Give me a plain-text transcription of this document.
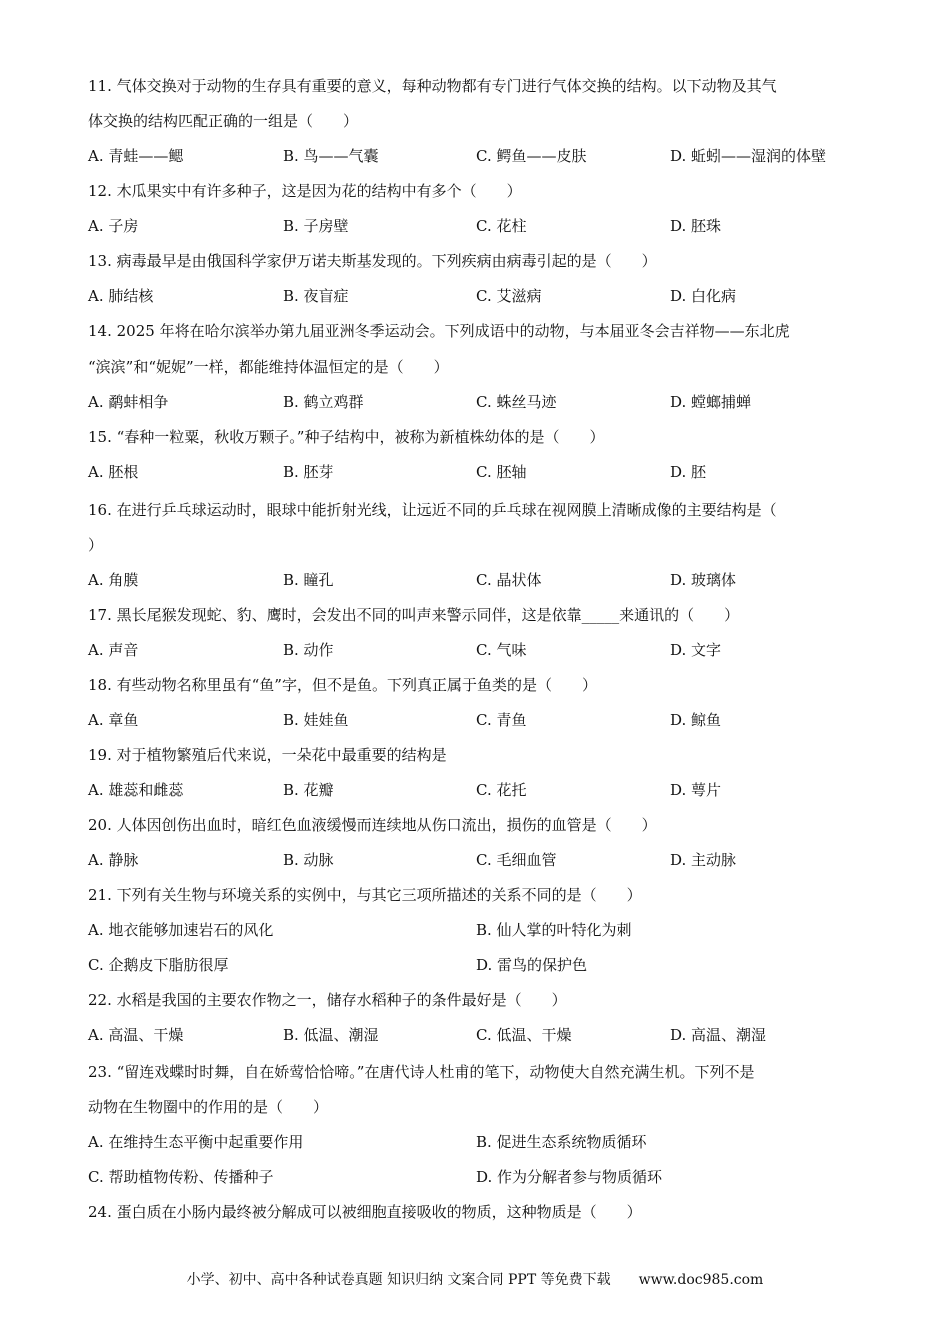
11. 气体交换对于动物的生存具有重要的意义，每种动物都有专门进行气体交换的结构。以下动物及其气
体交换的结构匹配正确的一组是（　　）
A. 青蛙——鳃	B. 鸟——气囊	C. 鳄鱼——皮肤	D. 蚯蚓——湿润的体壁
12. 木瓜果实中有许多种子，这是因为花的结构中有多个（　　）
A. 子房	B. 子房壁	C. 花柱	D. 胚珠
13. 病毒最早是由俄国科学家伊万诺夫斯基发现的。下列疾病由病毒引起的是（　　）
A. 肺结核	B. 夜盲症	C. 艾滋病	D. 白化病
14. 2025 年将在哈尔滨举办第九届亚洲冬季运动会。下列成语中的动物，与本届亚冬会吉祥物——东北虎
“滨滨”和“妮妮”一样，都能维持体温恒定的是（　　）
A. 鹬蚌相争	B. 鹤立鸡群	C. 蛛丝马迹	D. 螳螂捕蝉
15. “春种一粒粟，秋收万颗子。”种子结构中，被称为新植株幼体的是（　　）
A. 胚根	B. 胚芽	C. 胚轴	D. 胚
16. 在进行乒乓球运动时，眼球中能折射光线，让远近不同的乒乓球在视网膜上清晰成像的主要结构是（
）
A. 角膜	B. 瞳孔	C. 晶状体	D. 玻璃体
17. 黑长尾猴发现蛇、豹、鹰时，会发出不同的叫声来警示同伴，这是依靠_____来通讯的（　　）
A. 声音	B. 动作	C. 气味	D. 文字
18. 有些动物名称里虽有“鱼”字，但不是鱼。下列真正属于鱼类的是（　　）
A. 章鱼	B. 娃娃鱼	C. 青鱼	D. 鲸鱼
19. 对于植物繁殖后代来说，一朵花中最重要的结构是
A. 雄蕊和雌蕊	B. 花瓣	C. 花托	D. 萼片
20. 人体因创伤出血时，暗红色血液缓慢而连续地从伤口流出，损伤的血管是（　　）
A. 静脉	B. 动脉	C. 毛细血管	D. 主动脉
21. 下列有关生物与环境关系的实例中，与其它三项所描述的关系不同的是（　　）
A. 地衣能够加速岩石的风化	B. 仙人掌的叶特化为刺
C. 企鹅皮下脂肪很厚	D. 雷鸟的保护色
22. 水稻是我国的主要农作物之一，储存水稻种子的条件最好是（　　）
A. 高温、干燥	B. 低温、潮湿	C. 低温、干燥	D. 高温、潮湿
23. “留连戏蝶时时舞，自在娇莺恰恰啼。”在唐代诗人杜甫的笔下，动物使大自然充满生机。下列不是
动物在生物圈中的作用的是（　　）
A. 在维持生态平衡中起重要作用	B. 促进生态系统物质循环
C. 帮助植物传粉、传播种子	D. 作为分解者参与物质循环
24. 蛋白质在小肠内最终被分解成可以被细胞直接吸收的物质，这种物质是（　　）
小学、初中、高中各种试卷真题 知识归纳 文案合同 PPT 等免费下载　　www.doc985.com
